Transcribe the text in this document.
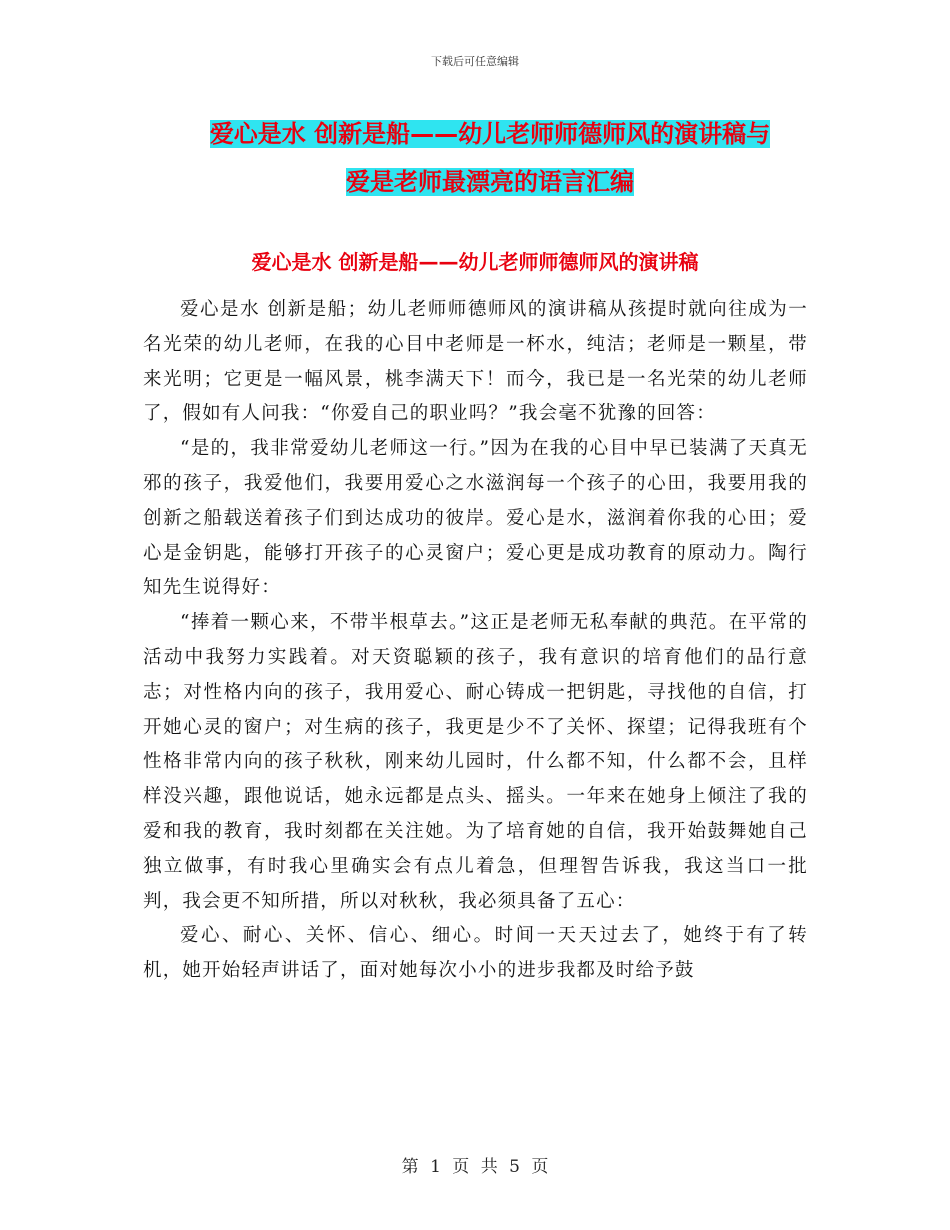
下载后可任意编辑
爱心是水 创新是船——幼儿老师师德师风的演讲稿与
爱是老师最漂亮的语言汇编
爱心是水 创新是船——幼儿老师师德师风的演讲稿

爱心是水 创新是船；幼儿老师师德师风的演讲稿从孩提时就向往成为一名光荣的幼儿老师，在我的心目中老师是一杯水，纯洁；老师是一颗星，带来光明；它更是一幅风景，桃李满天下！而今，我已是一名光荣的幼儿老师了，假如有人问我：“你爱自己的职业吗？”我会毫不犹豫的回答：

“是的，我非常爱幼儿老师这一行。”因为在我的心目中早已装满了天真无邪的孩子，我爱他们，我要用爱心之水滋润每一个孩子的心田，我要用我的创新之船载送着孩子们到达成功的彼岸。爱心是水，滋润着你我的心田；爱心是金钥匙，能够打开孩子的心灵窗户；爱心更是成功教育的原动力。陶行知先生说得好：

“捧着一颗心来，不带半根草去。”这正是老师无私奉献的典范。在平常的活动中我努力实践着。对天资聪颖的孩子，我有意识的培育他们的品行意志；对性格内向的孩子，我用爱心、耐心铸成一把钥匙，寻找他的自信，打开她心灵的窗户；对生病的孩子，我更是少不了关怀、探望；记得我班有个性格非常内向的孩子秋秋，刚来幼儿园时，什么都不知，什么都不会，且样样没兴趣，跟他说话，她永远都是点头、摇头。一年来在她身上倾注了我的爱和我的教育，我时刻都在关注她。为了培育她的自信，我开始鼓舞她自己独立做事，有时我心里确实会有点儿着急，但理智告诉我，我这当口一批判，我会更不知所措，所以对秋秋，我必须具备了五心：

爱心、耐心、关怀、信心、细心。时间一天天过去了，她终于有了转机，她开始轻声讲话了，面对她每次小小的进步我都及时给予鼓

第 1 页 共 5 页
